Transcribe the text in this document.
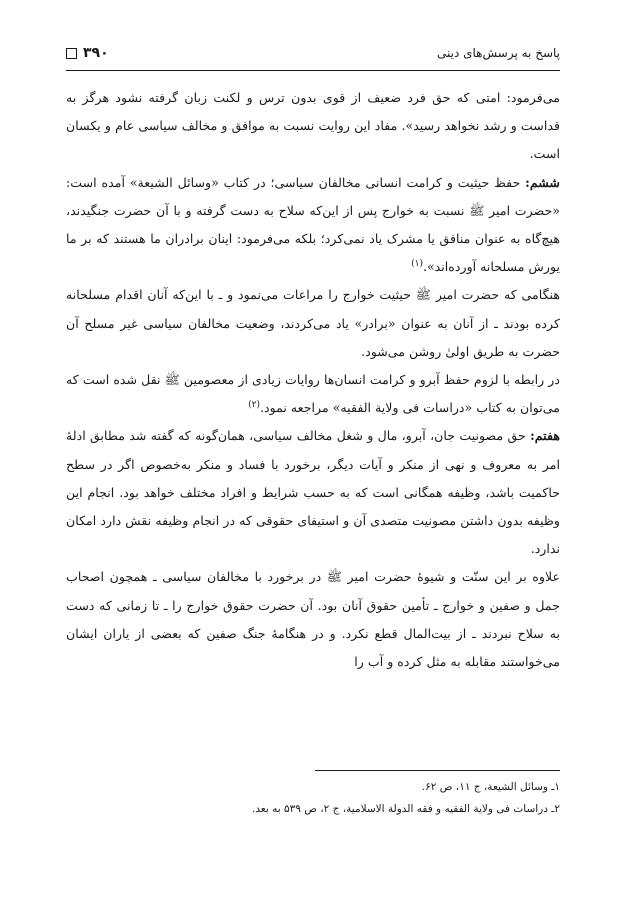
پاسخ به پرسش‌های دینی
۳۹۰

می‌فرمود: امتی که حق فرد ضعیف از قوی بدون ترس و لکنت زبان گرفته نشود هرگز به قداست و رشد نخواهد رسید». مفاد این روایت نسبت به موافق و مخالف سیاسی عام و یکسان است.

ششم: حفظ حیثیت و کرامت انسانی مخالفان سیاسی؛ در کتاب «وسائل الشیعة» آمده است: «حضرت امیر ﷺ نسبت به خوارج پس از این‌که سلاح به دست گرفته و با آن حضرت جنگیدند، هیچ‌گاه به عنوان منافق یا مشرک یاد نمی‌کرد؛ بلکه می‌فرمود: اینان برادران ما هستند که بر ما یورش مسلحانه آورده‌اند».$^{(۱)}$

هنگامی که حضرت امیر ﷺ حیثیت خوارج را مراعات می‌نمود و ـ با این‌که آنان اقدام مسلحانه کرده بودند ـ از آنان به عنوان «برادر» یاد می‌کردند، وضعیت مخالفان سیاسی غیر مسلح آن حضرت به طریق اولیٰ روشن می‌شود.

در رابطه با لزوم حفظ آبرو و کرامت انسان‌ها روایات زیادی از معصومین ﷺ نقل شده است که می‌توان به کتاب «دراسات فی ولایة الفقیه» مراجعه نمود.$^{(۲)}$

هفتم: حق مصونیت جان، آبرو، مال و شغل مخالف سیاسی، همان‌گونه که گفته شد مطابق ادلهٔ امر به معروف و نهی از منکر و آیات دیگر، برخورد با فساد و منکر به‌خصوص اگر در سطح حاکمیت باشد، وظیفه همگانی است که به حسب شرایط و افراد مختلف خواهد بود. انجام این وظیفه بدون داشتن مصونیت متصدی آن و استیفای حقوقی که در انجام وظیفه نقش دارد امکان ندارد.

علاوه بر این سنّت و شیوهٔ حضرت امیر ﷺ در برخورد با مخالفان سیاسی ـ همچون اصحاب جمل و صفین و خوارج ـ تأمین حقوق آنان بود. آن حضرت حقوق خوارج را ـ تا زمانی که دست به سلاح نبردند ـ از بیت‌المال قطع نکرد. و در هنگامهٔ جنگ صفین که بعضی از یاران ایشان می‌خواستند مقابله به مثل کرده و آب را

۱ـ وسائل الشیعة، ج ۱۱، ص ۶۲.

۲ـ دراسات فی ولایة الفقیه و فقه الدولة الاسلامیة، ج ۲، ص ۵۳۹ به بعد.
